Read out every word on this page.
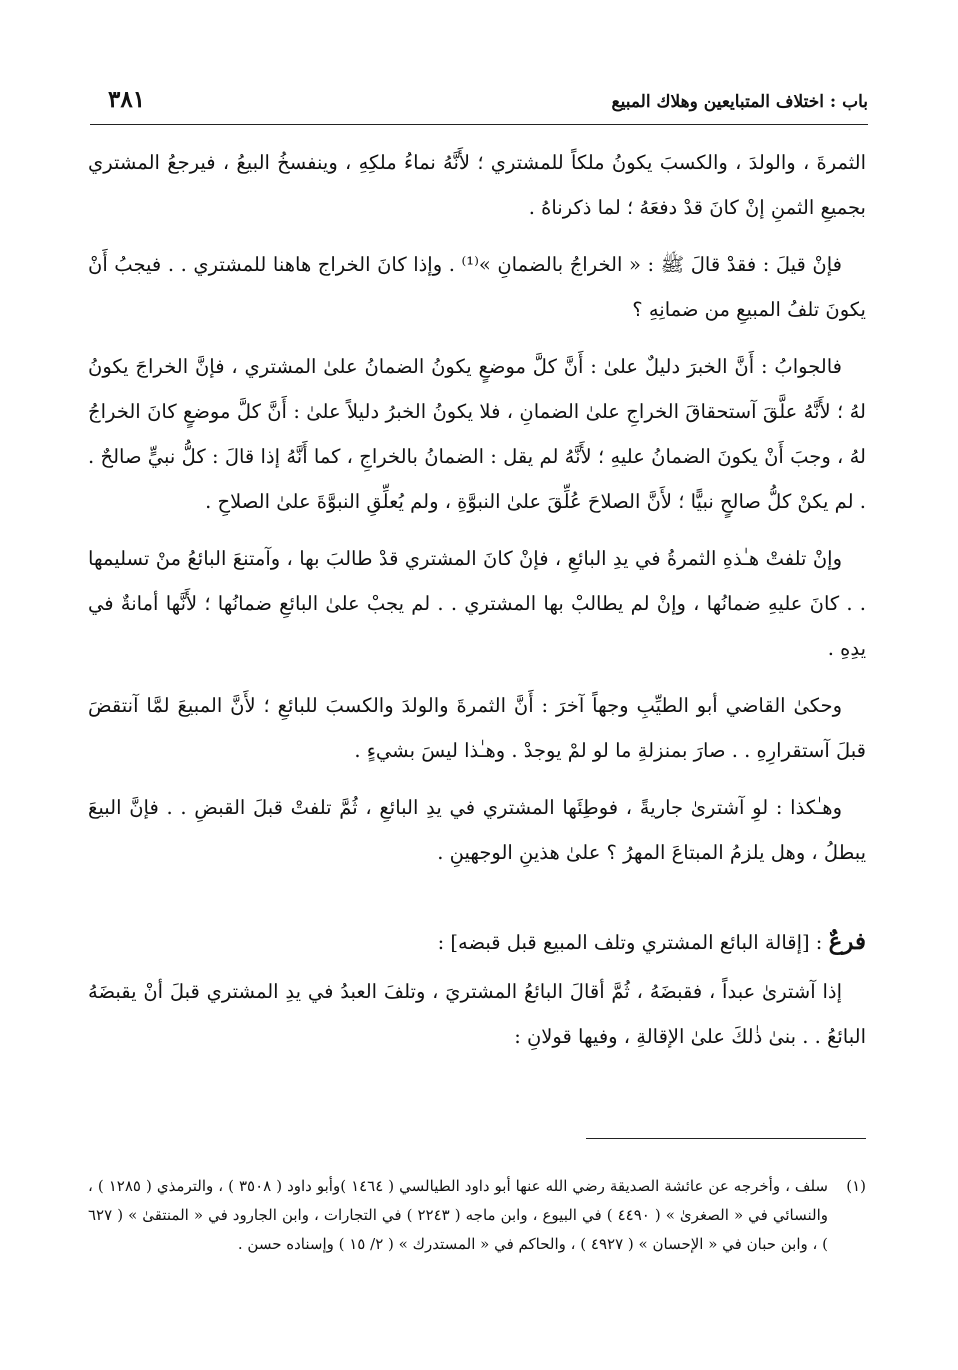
باب : اختلاف المتبايعين وهلاك المبيع
٣٨١

الثمرةَ ، والولدَ ، والكسبَ يكونُ ملكاً للمشتري ؛ لأَنَّهُ نماءُ ملكِهِ ، وينفسخُ البيعُ ، فيرجعُ المشتري بجميعِ الثمنِ إنْ كانَ قدْ دفعَهُ ؛ لما ذكرناهُ .

فإنْ قيلَ : فقدْ قالَ ﷺ : « الخراجُ بالضمانِ »⁽¹⁾ . وإذا كانَ الخراج هاهنا للمشتري . . فيجبُ أَنْ يكونَ تلفُ المبيعِ من ضمانِهِ ؟

فالجوابُ : أَنَّ الخبرَ دليلٌ علىٰ : أَنَّ كلَّ موضعٍ يكونُ الضمانُ علىٰ المشتري ، فإنَّ الخراجَ يكونُ لهُ ؛ لأَنَّهُ علَّقَ آستحقاقَ الخراجِ علىٰ الضمانِ ، فلا يكونُ الخبرُ دليلاً علىٰ : أَنَّ كلَّ موضعٍ كانَ الخراجُ لهُ ، وجبَ أَنْ يكونَ الضمانُ عليهِ ؛ لأَنَّهُ لم يقل : الضمانُ بالخراجِ ، كما أَنَّهُ إذا قالَ : كلُّ نبيٍّ صالحٌ . . لم يكنْ كلُّ صالحٍ نبيًّا ؛ لأَنَّ الصلاحَ عُلِّقَ علىٰ النبوَّةِ ، ولم يُعلِّقِ النبوَّةَ علىٰ الصلاحِ .

وإنْ تلفتْ هـٰذهِ الثمرةُ في يدِ البائعِ ، فإنْ كانَ المشتري قدْ طالبَ بها ، وآمتنعَ البائعُ منْ تسليمها . . كانَ عليهِ ضمانُها ، وإنْ لم يطالبْ بها المشتري . . لم يجبْ علىٰ البائعِ ضمانُها ؛ لأَنَّها أمانةٌ في يدِهِ .

وحكىٰ القاضي أبو الطيِّبِ وجهاً آخرَ : أَنَّ الثمرةَ والولدَ والكسبَ للبائعِ ؛ لأَنَّ المبيعَ لمَّا آنتقضَ قبلَ آستقرارِهِ . . صارَ بمنزلةِ ما لو لمْ يوجدْ . وهـٰذا ليسَ بشيءٍ .

وهـٰكذا : لوِ آشترىٰ جاريةً ، فوطِئَها المشتري في يدِ البائعِ ، ثُمَّ تلفتْ قبلَ القبضِ . . فإنَّ البيعَ يبطلُ ، وهل يلزمُ المبتاعَ المهرُ ؟ علىٰ هذينِ الوجهينِ .

فرعٌ : [إقالة البائع المشتري وتلف المبيع قبل قبضه] :

إذا آشترىٰ عبداً ، فقبضَهُ ، ثُمَّ أقالَ البائعُ المشتريَ ، وتلفَ العبدُ في يدِ المشتري قبلَ أنْ يقبضَهُ البائعُ . . بنىٰ ذٰلكَ علىٰ الإقالةِ ، وفيها قولانِ :

(١)
سلف ، وأخرجه عن عائشة الصديقة رضي الله عنها أبو داود الطيالسي ( ١٤٦٤ )وأبو داود ( ٣٥٠٨ ) ، والترمذي ( ١٢٨٥ ) ، والنسائي في « الصغرىٰ » ( ٤٤٩٠ ) في البيوع ، وابن ماجه ( ٢٢٤٣ ) في التجارات ، وابن الجارود في « المنتقىٰ » ( ٦٢٧ ) ، وابن حبان في « الإحسان » ( ٤٩٢٧ ) ، والحاكم في « المستدرك » ( ٢/ ١٥ ) وإسناده حسن .
